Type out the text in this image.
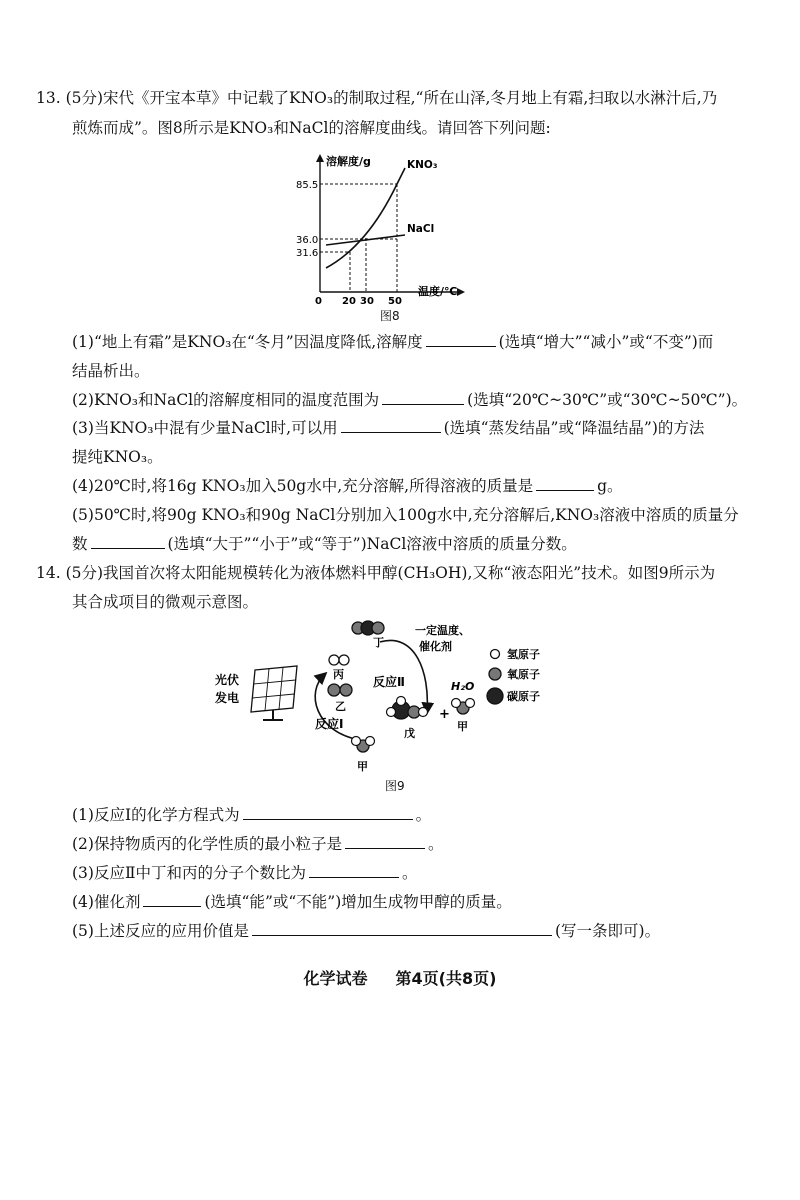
13. (5分)宋代《开宝本草》中记载了KNO₃的制取过程,“所在山泽,冬月地上有霜,扫取以水淋汁后,乃
煎炼而成”。图8所示是KNO₃和NaCl的溶解度曲线。请回答下列问题:
溶解度/g
温度/℃
85.5
36.0
31.6
0 20 30 50
KNO₃
NaCl
图8
(1)“地上有霜”是KNO₃在“冬月”因温度降低,溶解度	(选填“增大”“减小”或“不变”)而
结晶析出。
(2)KNO₃和NaCl的溶解度相同的温度范围为	(选填“20℃~30℃”或“30℃~50℃”)。
(3)当KNO₃中混有少量NaCl时,可以用	(选填“蒸发结晶”或“降温结晶”)的方法
提纯KNO₃。
(4)20℃时,将16g KNO₃加入50g水中,充分溶解,所得溶液的质量是	g。
(5)50℃时,将90g KNO₃和90g NaCl分别加入100g水中,充分溶解后,KNO₃溶液中溶质的质量分
数	(选填“大于”“小于”或“等于”)NaCl溶液中溶质的质量分数。
14. (5分)我国首次将太阳能规模转化为液体燃料甲醇(CH₃OH),又称“液态阳光”技术。如图9所示为
其合成项目的微观示意图。
光伏
发电
反应Ⅰ
反应Ⅱ
一定温度、
催化剂
丙
乙
丁
戊
+
H₂O
甲
甲
氢原子
氧原子
碳原子
图9
(1)反应Ⅰ的化学方程式为	。
(2)保持物质丙的化学性质的最小粒子是	。
(3)反应Ⅱ中丁和丙的分子个数比为	。
(4)催化剂	(选填“能”或“不能”)增加生成物甲醇的质量。
(5)上述反应的应用价值是	(写一条即可)。
化学试卷 第4页(共8页)
